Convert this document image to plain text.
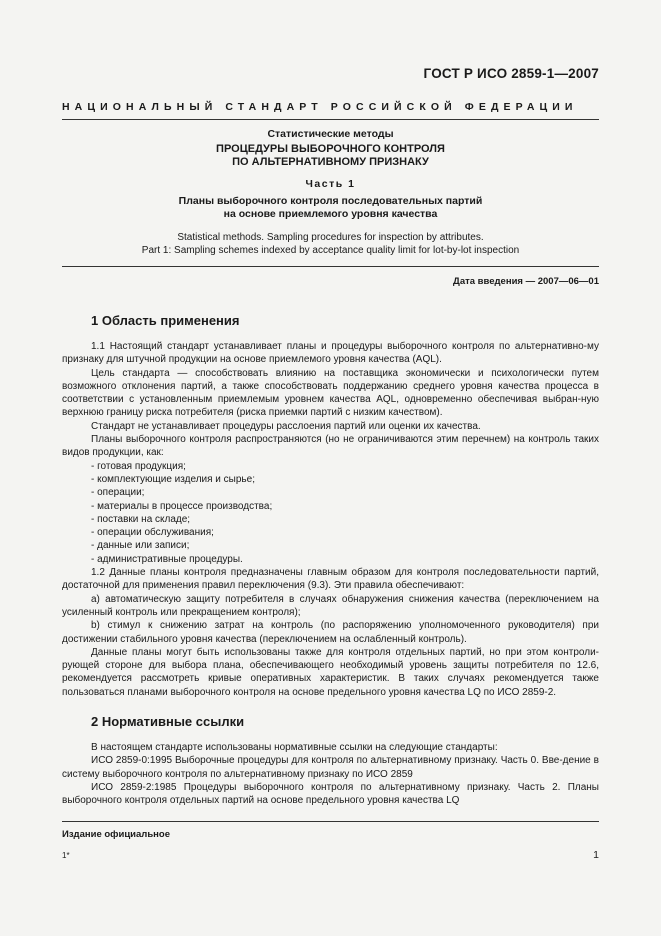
ГОСТ Р ИСО 2859-1—2007
НАЦИОНАЛЬНЫЙ СТАНДАРТ РОССИЙСКОЙ ФЕДЕРАЦИИ
Статистические методы
ПРОЦЕДУРЫ ВЫБОРОЧНОГО КОНТРОЛЯ
ПО АЛЬТЕРНАТИВНОМУ ПРИЗНАКУ
Часть 1
Планы выборочного контроля последовательных партий
на основе приемлемого уровня качества
Statistical methods. Sampling procedures for inspection by attributes.
Part 1: Sampling schemes indexed by acceptance quality limit for lot-by-lot inspection
Дата введения — 2007—06—01
1 Область применения

1.1 Настоящий стандарт устанавливает планы и процедуры выборочного контроля по альтернативно-му признаку для штучной продукции на основе приемлемого уровня качества (AQL).

Цель стандарта — способствовать влиянию на поставщика экономически и психологически путем возможного отклонения партий, а также способствовать поддержанию среднего уровня качества процесса в соответствии с установленным приемлемым уровнем качества AQL, одновременно обеспечивая выбран-ную верхнюю границу риска потребителя (риска приемки партий с низким качеством).

Стандарт не устанавливает процедуры расслоения партий или оценки их качества.

Планы выборочного контроля распространяются (но не ограничиваются этим перечнем) на контроль таких видов продукции, как:

- готовая продукция;

- комплектующие изделия и сырье;

- операции;

- материалы в процессе производства;

- поставки на складе;

- операции обслуживания;

- данные или записи;

- административные процедуры.

1.2 Данные планы контроля предназначены главным образом для контроля последовательности партий, достаточной для применения правил переключения (9.3). Эти правила обеспечивают:

a) автоматическую защиту потребителя в случаях обнаружения снижения качества (переключением на усиленный контроль или прекращением контроля);

b) стимул к снижению затрат на контроль (по распоряжению уполномоченного руководителя) при достижении стабильного уровня качества (переключением на ослабленный контроль).

Данные планы могут быть использованы также для контроля отдельных партий, но при этом контроли-рующей стороне для выбора плана, обеспечивающего необходимый уровень защиты потребителя по 12.6, рекомендуется рассмотреть кривые оперативных характеристик. В таких случаях рекомендуется также пользоваться планами выборочного контроля на основе предельного уровня качества LQ по ИСО 2859-2.

2 Нормативные ссылки

В настоящем стандарте использованы нормативные ссылки на следующие стандарты:

ИСО 2859-0:1995 Выборочные процедуры для контроля по альтернативному признаку. Часть 0. Вве-дение в систему выборочного контроля по альтернативному признаку по ИСО 2859

ИСО 2859-2:1985 Процедуры выборочного контроля по альтернативному признаку. Часть 2. Планы выборочного контроля отдельных партий на основе предельного уровня качества LQ

Издание официальное
1*	1
